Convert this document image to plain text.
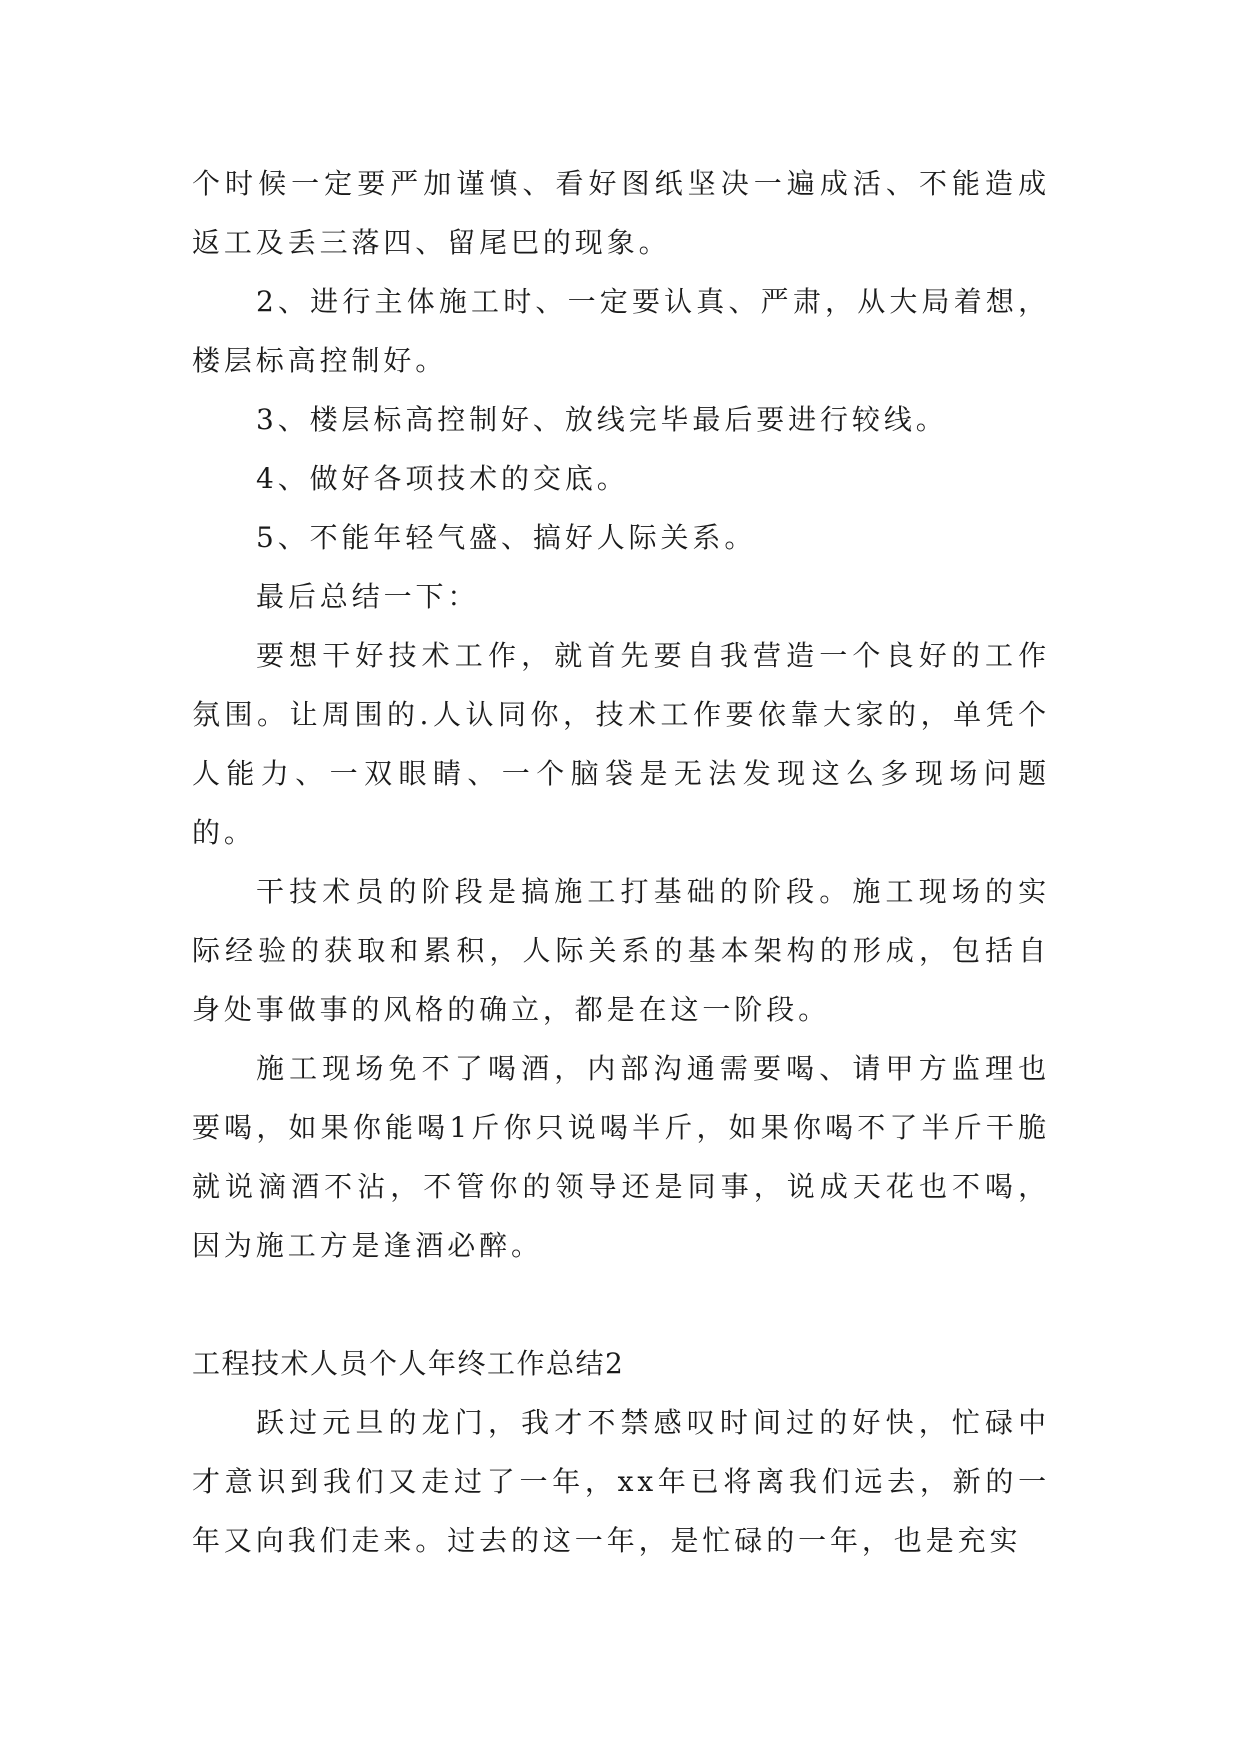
个时候一定要严加谨慎、看好图纸坚决一遍成活、不能造成返工及丢三落四、留尾巴的现象。

2、进行主体施工时、一定要认真、严肃，从大局着想，楼层标高控制好。

3、楼层标高控制好、放线完毕最后要进行较线。

4、做好各项技术的交底。

5、不能年轻气盛、搞好人际关系。

最后总结一下：

要想干好技术工作，就首先要自我营造一个良好的工作氛围。让周围的.人认同你，技术工作要依靠大家的，单凭个人能力、一双眼睛、一个脑袋是无法发现这么多现场问题的。

干技术员的阶段是搞施工打基础的阶段。施工现场的实际经验的获取和累积，人际关系的基本架构的形成，包括自身处事做事的风格的确立，都是在这一阶段。

施工现场免不了喝酒，内部沟通需要喝、请甲方监理也要喝，如果你能喝1斤你只说喝半斤，如果你喝不了半斤干脆就说滴酒不沾，不管你的领导还是同事，说成天花也不喝，因为施工方是逢酒必醉。

工程技术人员个人年终工作总结2

跃过元旦的龙门，我才不禁感叹时间过的好快，忙碌中才意识到我们又走过了一年，xx年已将离我们远去，新的一年又向我们走来。过去的这一年，是忙碌的一年，也是充实
